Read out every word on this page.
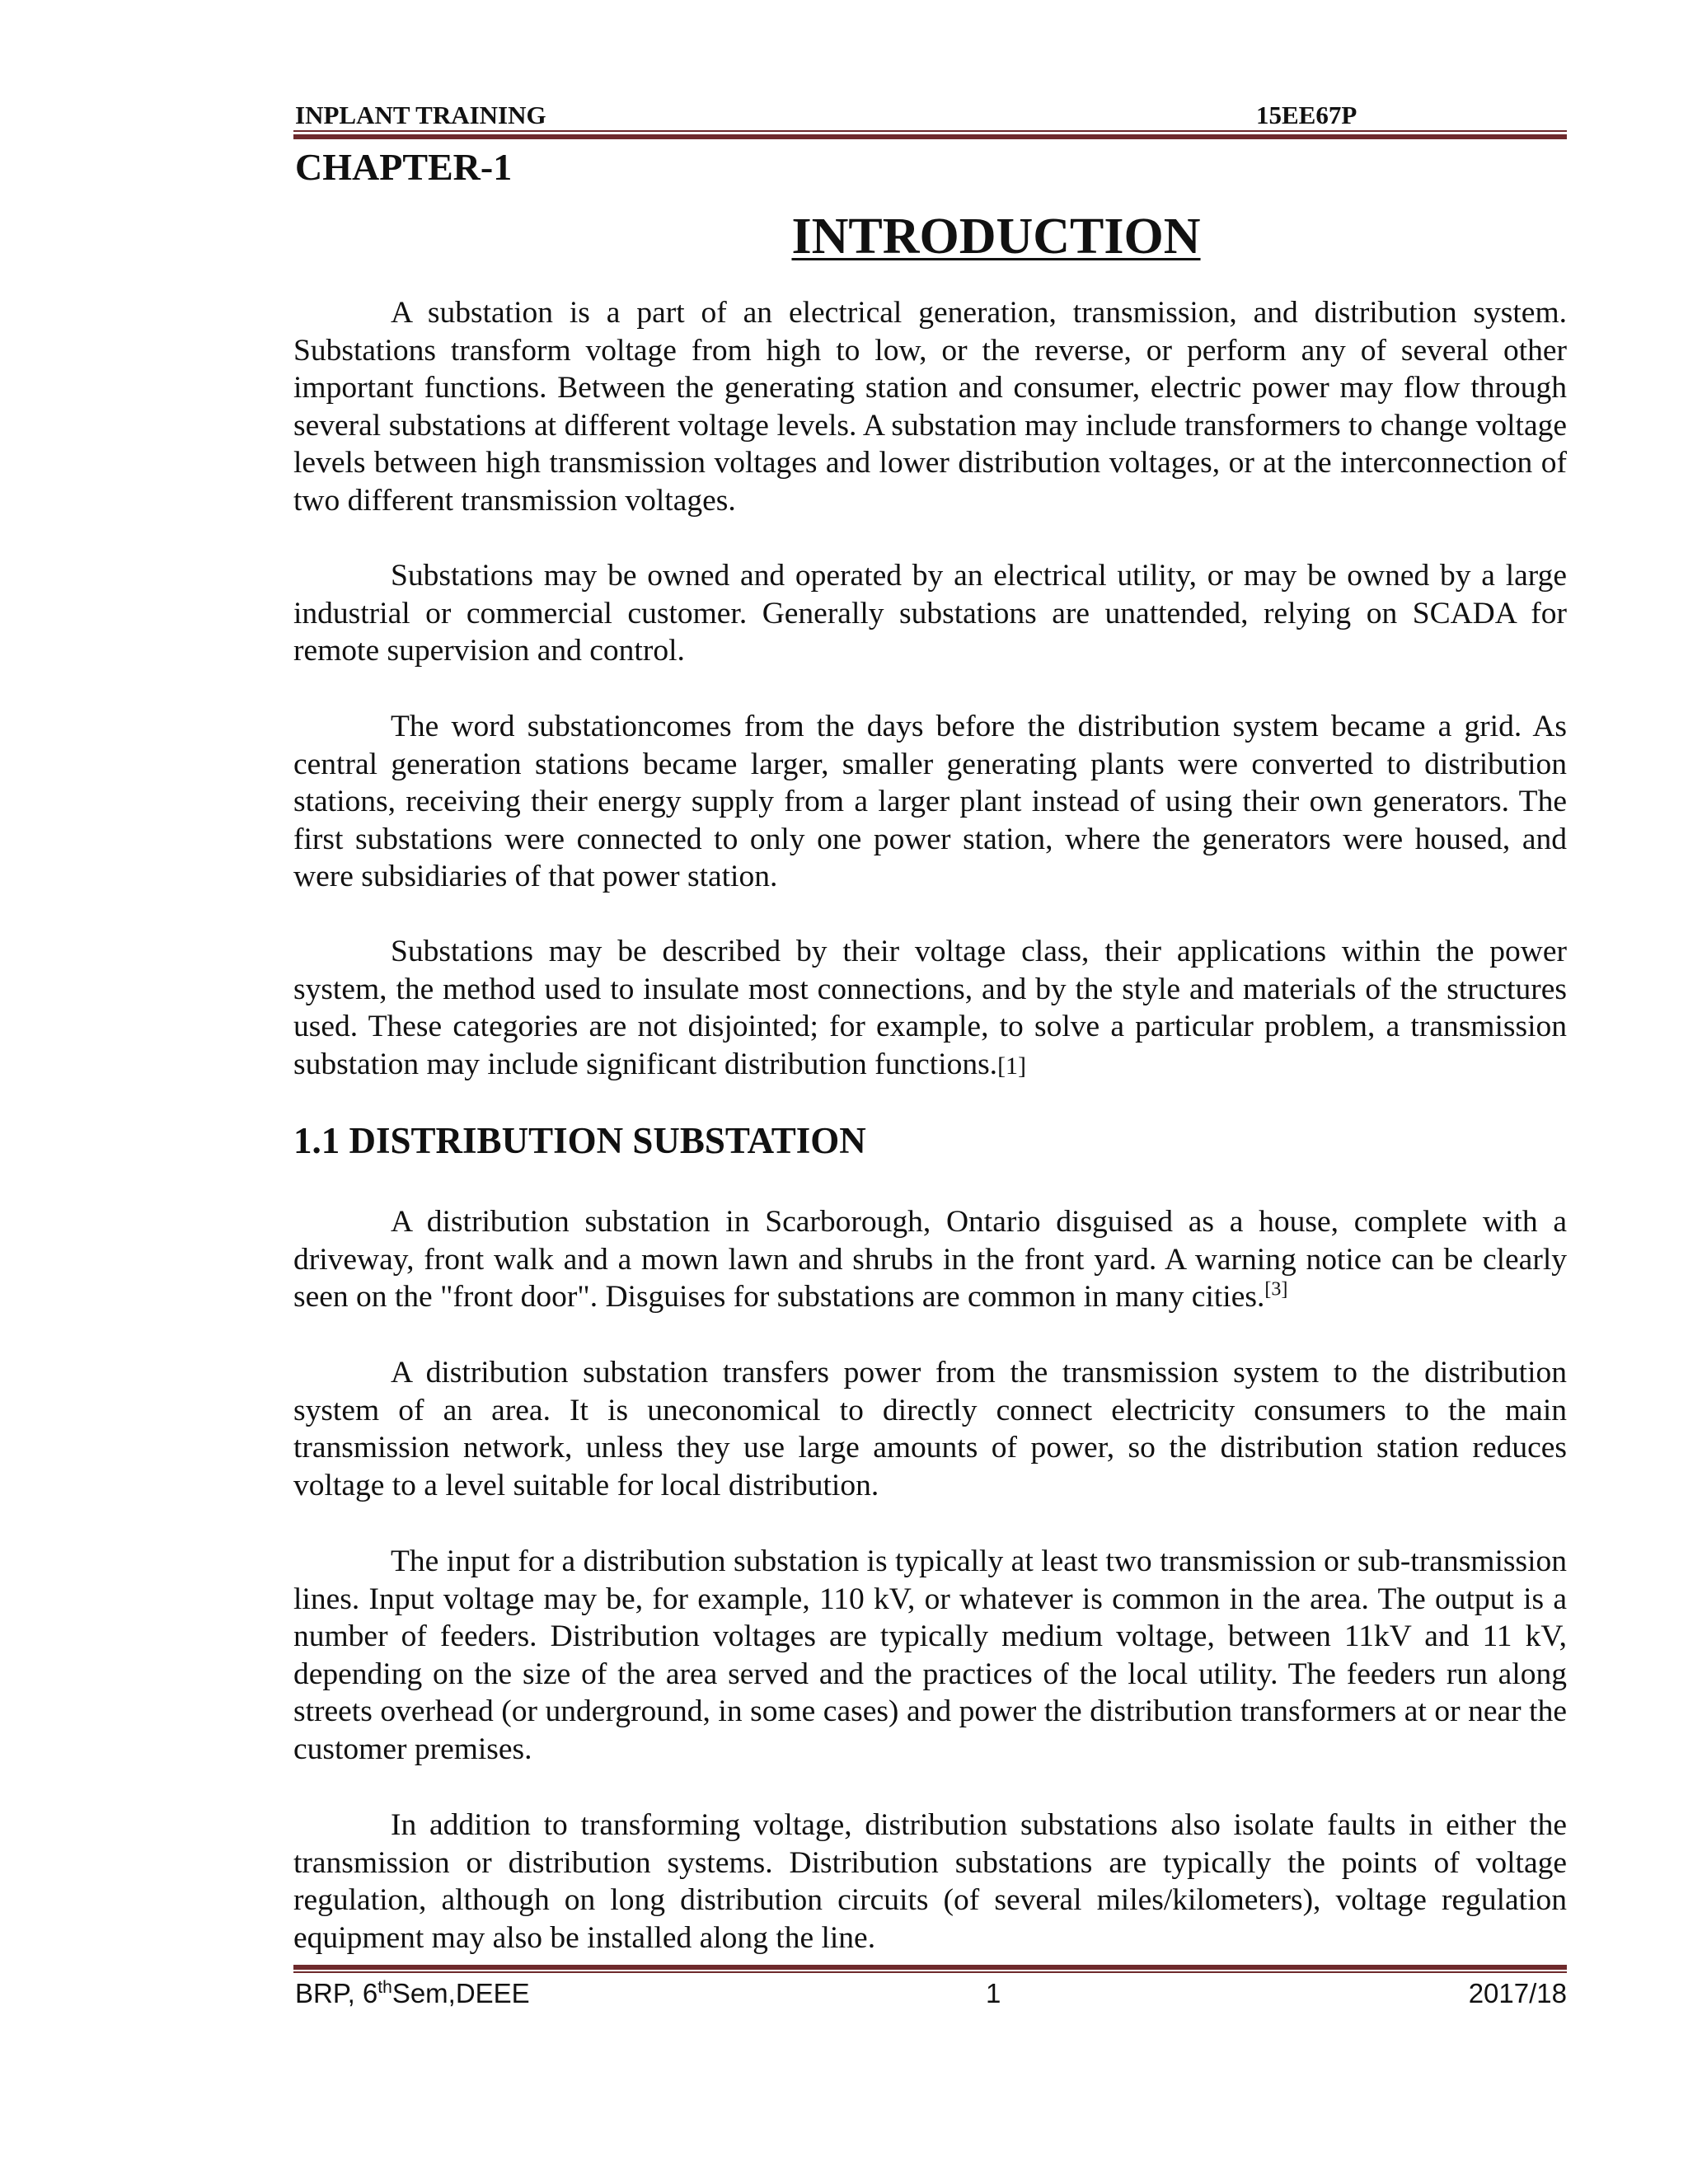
INPLANT TRAINING	15EE67P
CHAPTER-1
INTRODUCTION

A substation is a part of an electrical generation, transmission, and distribution system. Substations transform voltage from high to low, or the reverse, or perform any of several other important functions. Between the generating station and consumer, electric power may flow through several substations at different voltage levels. A substation may include transformers to change voltage levels between high transmission voltages and lower distribution voltages, or at the interconnection of two different transmission voltages.

Substations may be owned and operated by an electrical utility, or may be owned by a large industrial or commercial customer. Generally substations are unattended, relying on SCADA for remote supervision and control.

The word substationcomes from the days before the distribution system became a grid. As central generation stations became larger, smaller generating plants were converted to distribution stations, receiving their energy supply from a larger plant instead of using their own generators. The first substations were connected to only one power station, where the generators were housed, and were subsidiaries of that power station.

Substations may be described by their voltage class, their applications within the power system, the method used to insulate most connections, and by the style and materials of the structures used. These categories are not disjointed; for example, to solve a particular problem, a transmission substation may include significant distribution functions.[1]

1.1 DISTRIBUTION SUBSTATION

A distribution substation in Scarborough, Ontario disguised as a house, complete with a driveway, front walk and a mown lawn and shrubs in the front yard. A warning notice can be clearly seen on the "front door". Disguises for substations are common in many cities.[3]

A distribution substation transfers power from the transmission system to the distribution system of an area. It is uneconomical to directly connect electricity consumers to the main transmission network, unless they use large amounts of power, so the distribution station reduces voltage to a level suitable for local distribution.

The input for a distribution substation is typically at least two transmission or sub-transmission lines. Input voltage may be, for example, 110 kV, or whatever is common in the area. The output is a number of feeders. Distribution voltages are typically medium voltage, between 11kV and 11 kV, depending on the size of the area served and the practices of the local utility. The feeders run along streets overhead (or underground, in some cases) and power the distribution transformers at or near the customer premises.

In addition to transforming voltage, distribution substations also isolate faults in either the transmission or distribution systems. Distribution substations are typically the points of voltage regulation, although on long distribution circuits (of several miles/kilometers), voltage regulation equipment may also be installed along the line.

BRP, 6thSem,DEEE	1	2017/18
